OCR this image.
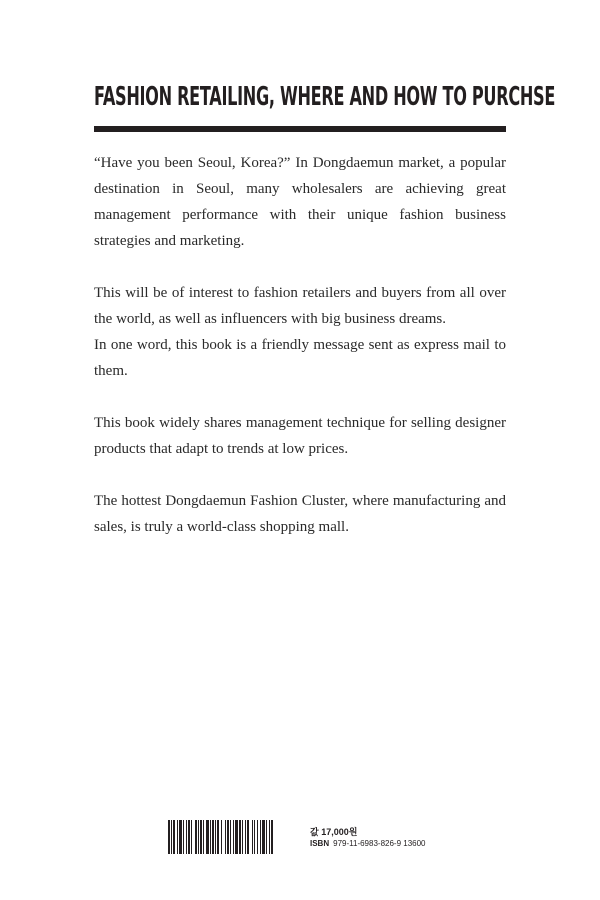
FASHION RETAILING, WHERE AND HOW TO PURCHSE

“Have you been Seoul, Korea?” In Dongdaemun market, a popular destination in Seoul, many wholesalers are achieving great management performance with their unique fashion business strategies and marketing.

This will be of interest to fashion retailers and buyers from all over the world, as well as influencers with big business dreams.
In one word, this book is a friendly message sent as express mail to them.

This book widely shares management technique for selling designer products that adapt to trends at low prices.

The hottest Dongdaemun Fashion Cluster, where manufacturing and sales, is truly a world-class shopping mall.

값 17,000원
ISBN 979-11-6983-826-9 13600
